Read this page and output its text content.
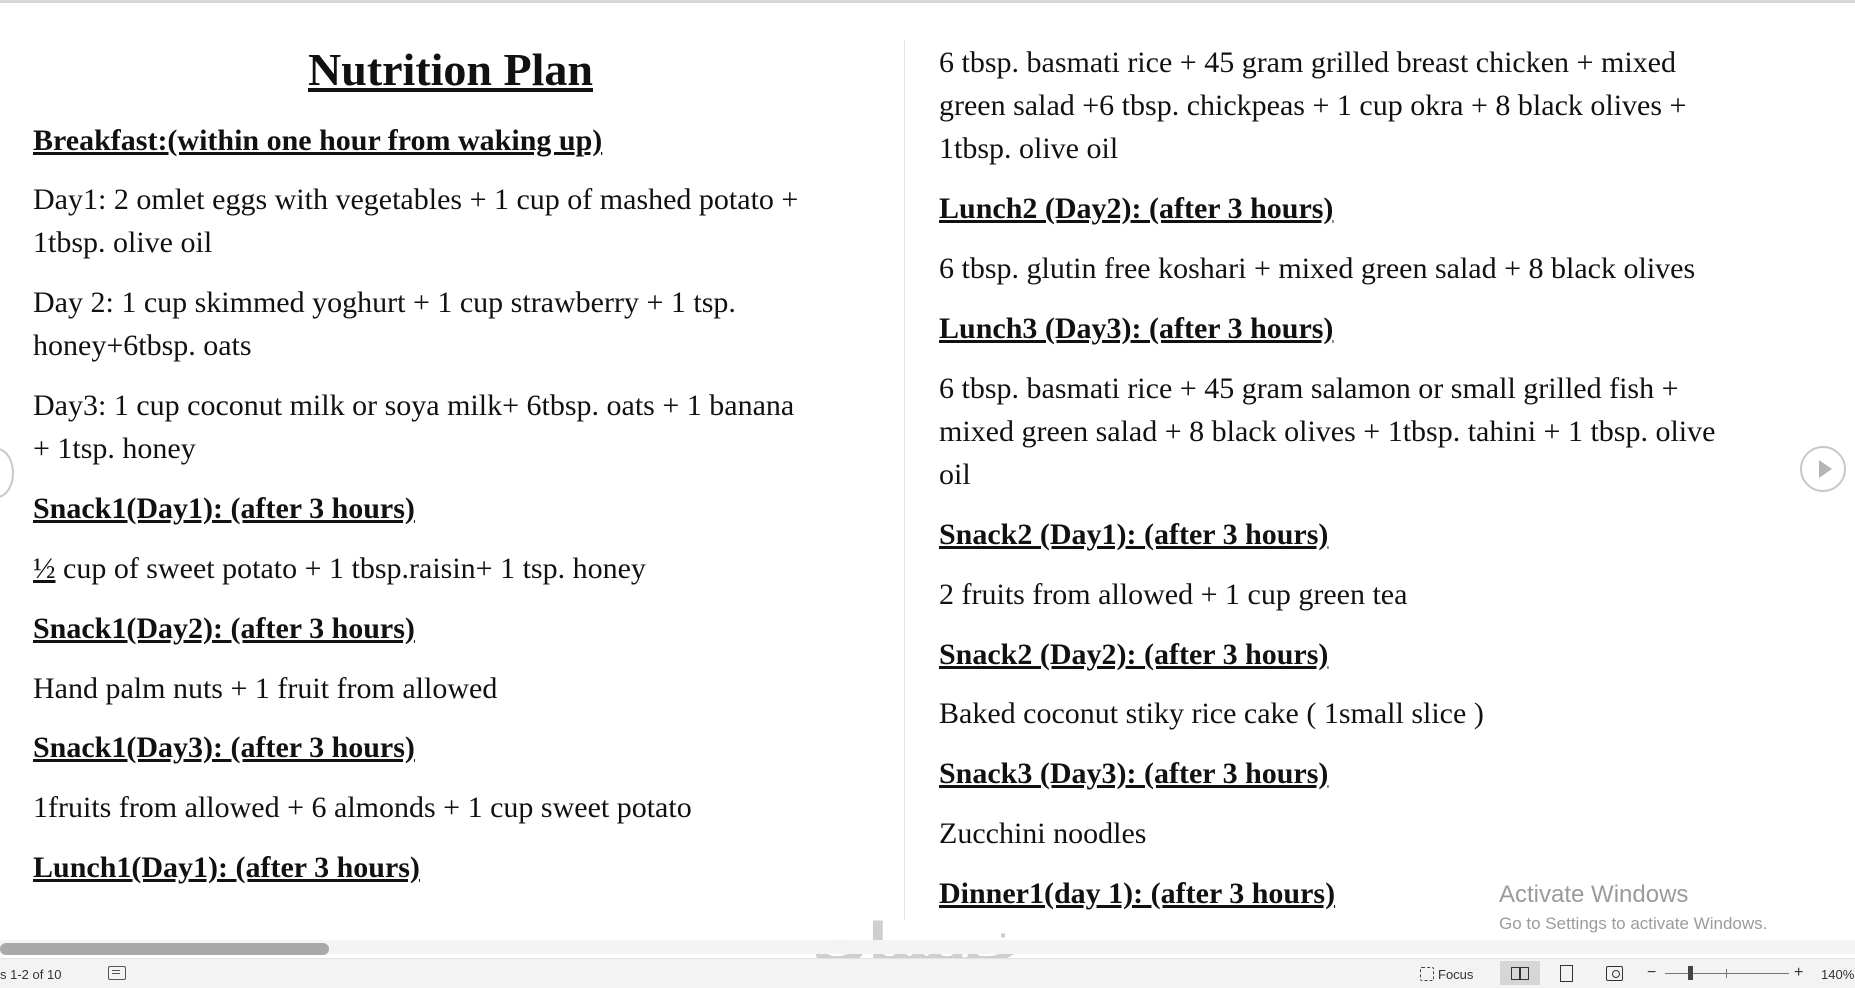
Nutrition Plan
Breakfast:(within one hour from waking up)
Day1: 2 omlet eggs with vegetables + 1 cup of mashed potato +
1tbsp. olive oil
Day 2: 1 cup skimmed yoghurt + 1 cup strawberry + 1 tsp.
honey+6tbsp. oats
Day3: 1 cup coconut milk or soya milk+ 6tbsp. oats + 1 banana
+ 1tsp. honey
Snack1(Day1): (after 3 hours)
½ cup of sweet potato + 1 tbsp.raisin+ 1 tsp. honey
Snack1(Day2): (after 3 hours)
Hand palm nuts + 1 fruit from allowed
Snack1(Day3): (after 3 hours)
1fruits from allowed + 6 almonds + 1 cup sweet potato
Lunch1(Day1): (after 3 hours)
6 tbsp. basmati rice + 45 gram grilled breast chicken + mixed
green salad +6 tbsp. chickpeas + 1 cup okra + 8 black olives +
1tbsp. olive oil
Lunch2 (Day2): (after 3 hours)
6 tbsp. glutin free koshari + mixed green salad + 8 black olives
Lunch3 (Day3): (after 3 hours)
6 tbsp. basmati rice + 45 gram salamon or small grilled fish +
mixed green salad + 8 black olives + 1tbsp. tahini + 1 tbsp. olive
oil
Snack2 (Day1): (after 3 hours)
2 fruits from allowed + 1 cup green tea
Snack2 (Day2): (after 3 hours)
Baked coconut stiky rice cake ( 1small slice )
Snack3 (Day3): (after 3 hours)
Zucchini noodles
Dinner1(day 1): (after 3 hours)	Activate Windows
Go to Settings to activate Windows.
s 1-2 of 10	Focus	−	+ 140%
